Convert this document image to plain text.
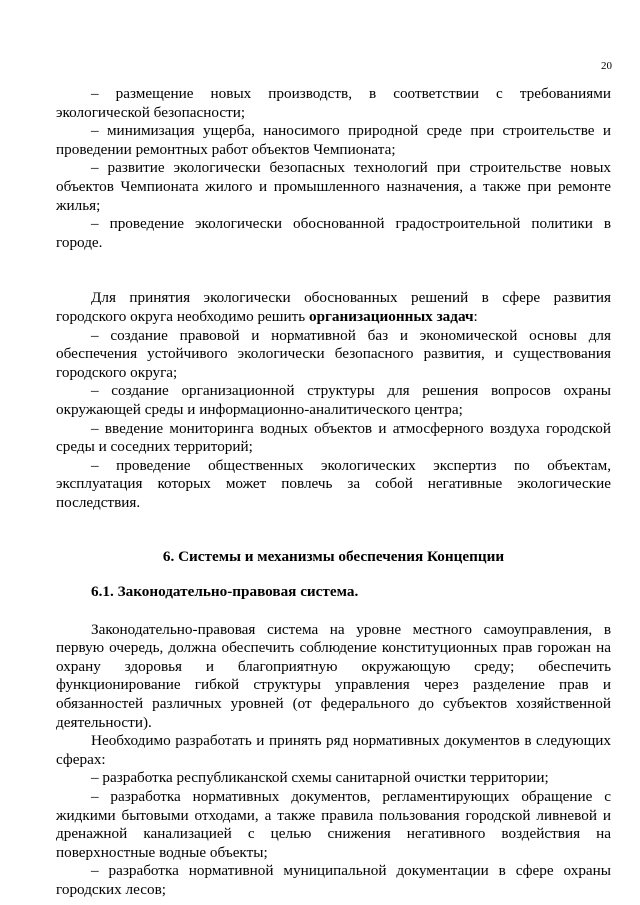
20

– размещение новых производств, в соответствии с требованиями экологической безопасности;

– минимизация ущерба, наносимого природной среде при строительстве и проведении ремонтных работ объектов Чемпионата;

– развитие экологически безопасных технологий при строительстве новых объектов Чемпионата жилого и промышленного назначения, а также при ремонте жилья;

– проведение экологически обоснованной градостроительной политики в городе.

Для принятия экологически обоснованных решений в сфере развития городского округа необходимо решить организационных задач:

– создание правовой и нормативной баз и экономической основы для обеспечения устойчивого экологически безопасного развития, и существования городского округа;

– создание организационной структуры для решения вопросов охраны окружающей среды и информационно-аналитического центра;

– введение мониторинга водных объектов и атмосферного воздуха городской среды и соседних территорий;

– проведение общественных экологических экспертиз по объектам, эксплуатация которых может повлечь за собой негативные экологические последствия.

6. Системы и механизмы обеспечения Концепции

6.1. Законодательно-правовая система.

Законодательно-правовая система на уровне местного самоуправления, в первую очередь, должна обеспечить соблюдение конституционных прав горожан на охрану здоровья и благоприятную окружающую среду; обеспечить функционирование гибкой структуры управления через разделение прав и обязанностей различных уровней (от федерального до субъектов хозяйственной деятельности).

Необходимо разработать и принять ряд нормативных документов в следующих сферах:

– разработка республиканской схемы санитарной очистки территории;

– разработка нормативных документов, регламентирующих обращение с жидкими бытовыми отходами, а также правила пользования городской ливневой и дренажной канализацией с целью снижения негативного воздействия на поверхностные водные объекты;

– разработка нормативной муниципальной документации в сфере охраны городских лесов;
